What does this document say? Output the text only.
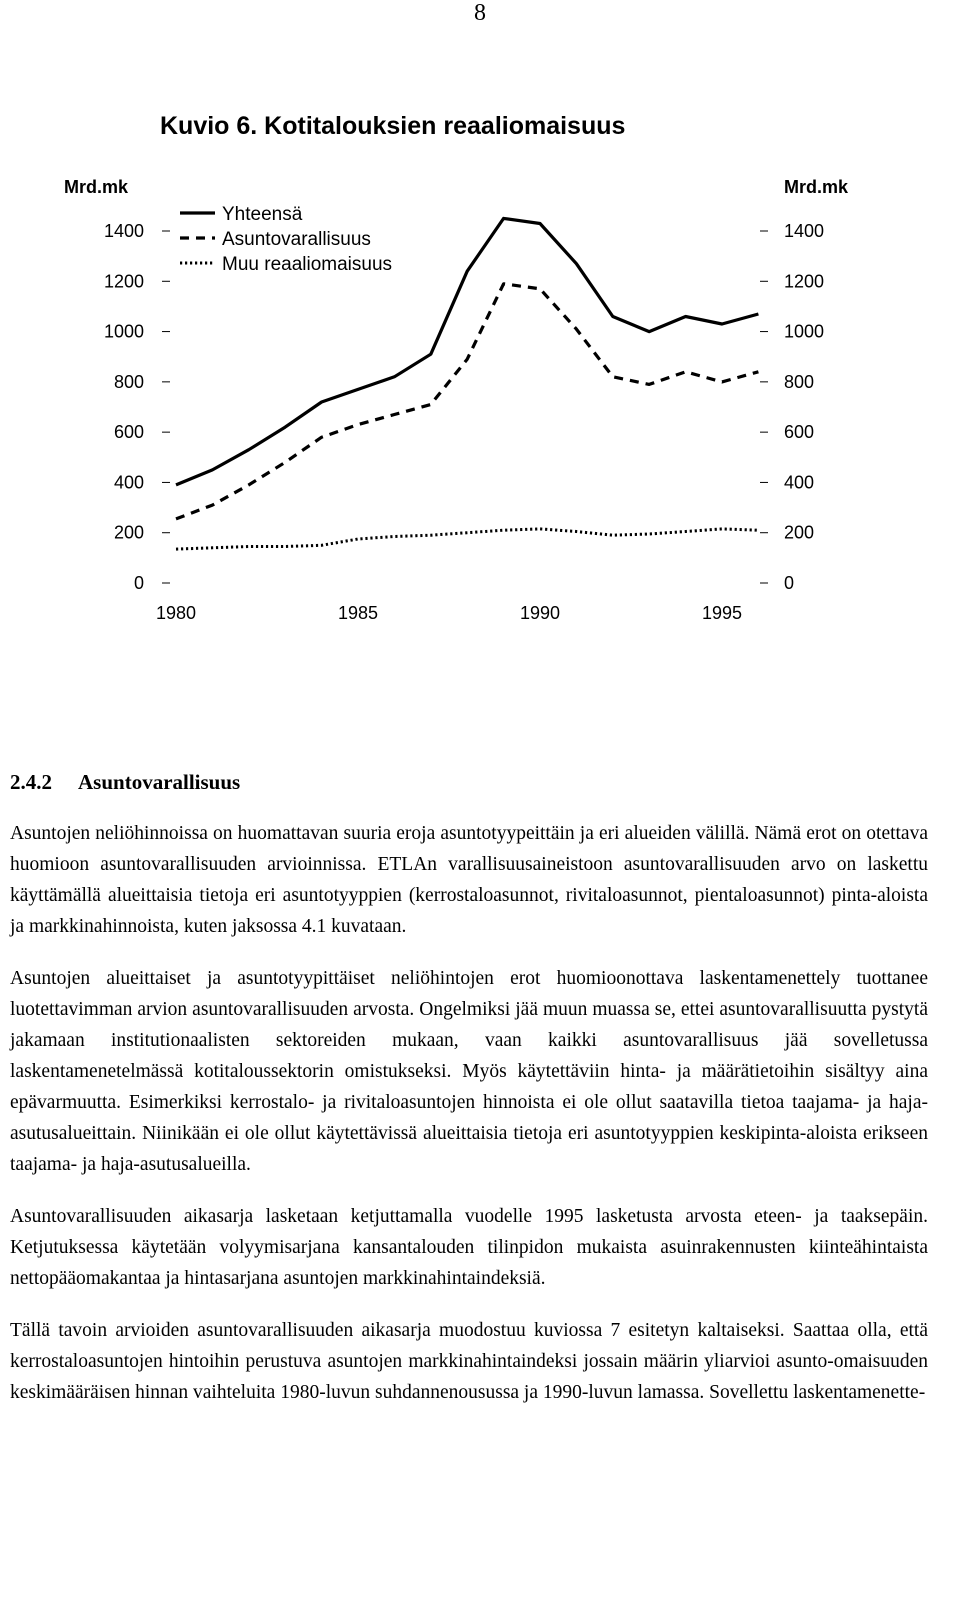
8
Kuvio 6. Kotitalouksien reaaliomaisuus
0
200
400
600
800
1000
1200
1400
0
200
400
600
800
1000
1200
1400
1980	1985	1990	1995
Mrd.mk	Mrd.mk
Yhteensä
Asuntovarallisuus
Muu reaaliomaisuus
2.4.2 Asuntovarallisuus

Asuntojen neliöhinnoissa on huomattavan suuria eroja asuntotyypeittäin ja eri alueiden välillä. Nämä erot on otettava huomioon asuntovarallisuuden arvioinnissa. ETLAn varallisuusaineistoon asuntovarallisuuden arvo on laskettu käyttämällä alueittaisia tietoja eri asuntotyyppien (kerrostaloasunnot, rivitaloasunnot, pientaloasunnot) pinta-aloista ja markkinahinnoista, kuten jaksossa 4.1 kuvataan.

Asuntojen alueittaiset ja asuntotyypittäiset neliöhintojen erot huomioonottava laskentamenettely tuottanee luotettavimman arvion asuntovarallisuuden arvosta. Ongelmiksi jää muun muassa se, ettei asuntovarallisuutta pystytä jakamaan institutionaalisten sektoreiden mukaan, vaan kaikki asuntovarallisuus jää sovelletussa laskentamenetelmässä kotitaloussektorin omistukseksi. Myös käytettäviin hinta- ja määrätietoihin sisältyy aina epävarmuutta. Esimerkiksi kerrostalo- ja rivitaloasuntojen hinnoista ei ole ollut saatavilla tietoa taajama- ja haja-asutusalueittain. Niinikään ei ole ollut käytettävissä alueittaisia tietoja eri asuntotyyppien keskipinta-aloista erikseen taajama- ja haja-asutusalueilla.

Asuntovarallisuuden aikasarja lasketaan ketjuttamalla vuodelle 1995 lasketusta arvosta eteen- ja taaksepäin. Ketjutuksessa käytetään volyymisarjana kansantalouden tilinpidon mukaista asuinrakennusten kiinteähintaista nettopääomakantaa ja hintasarjana asuntojen markkinahintaindeksiä.

Tällä tavoin arvioiden asuntovarallisuuden aikasarja muodostuu kuviossa 7 esitetyn kaltaiseksi. Saattaa olla, että kerrostaloasuntojen hintoihin perustuva asuntojen markkinahintaindeksi jossain määrin yliarvioi asunto-omaisuuden keskimääräisen hinnan vaihteluita 1980-luvun suhdannenousussa ja 1990-luvun lamassa. Sovellettu laskentamenette-
